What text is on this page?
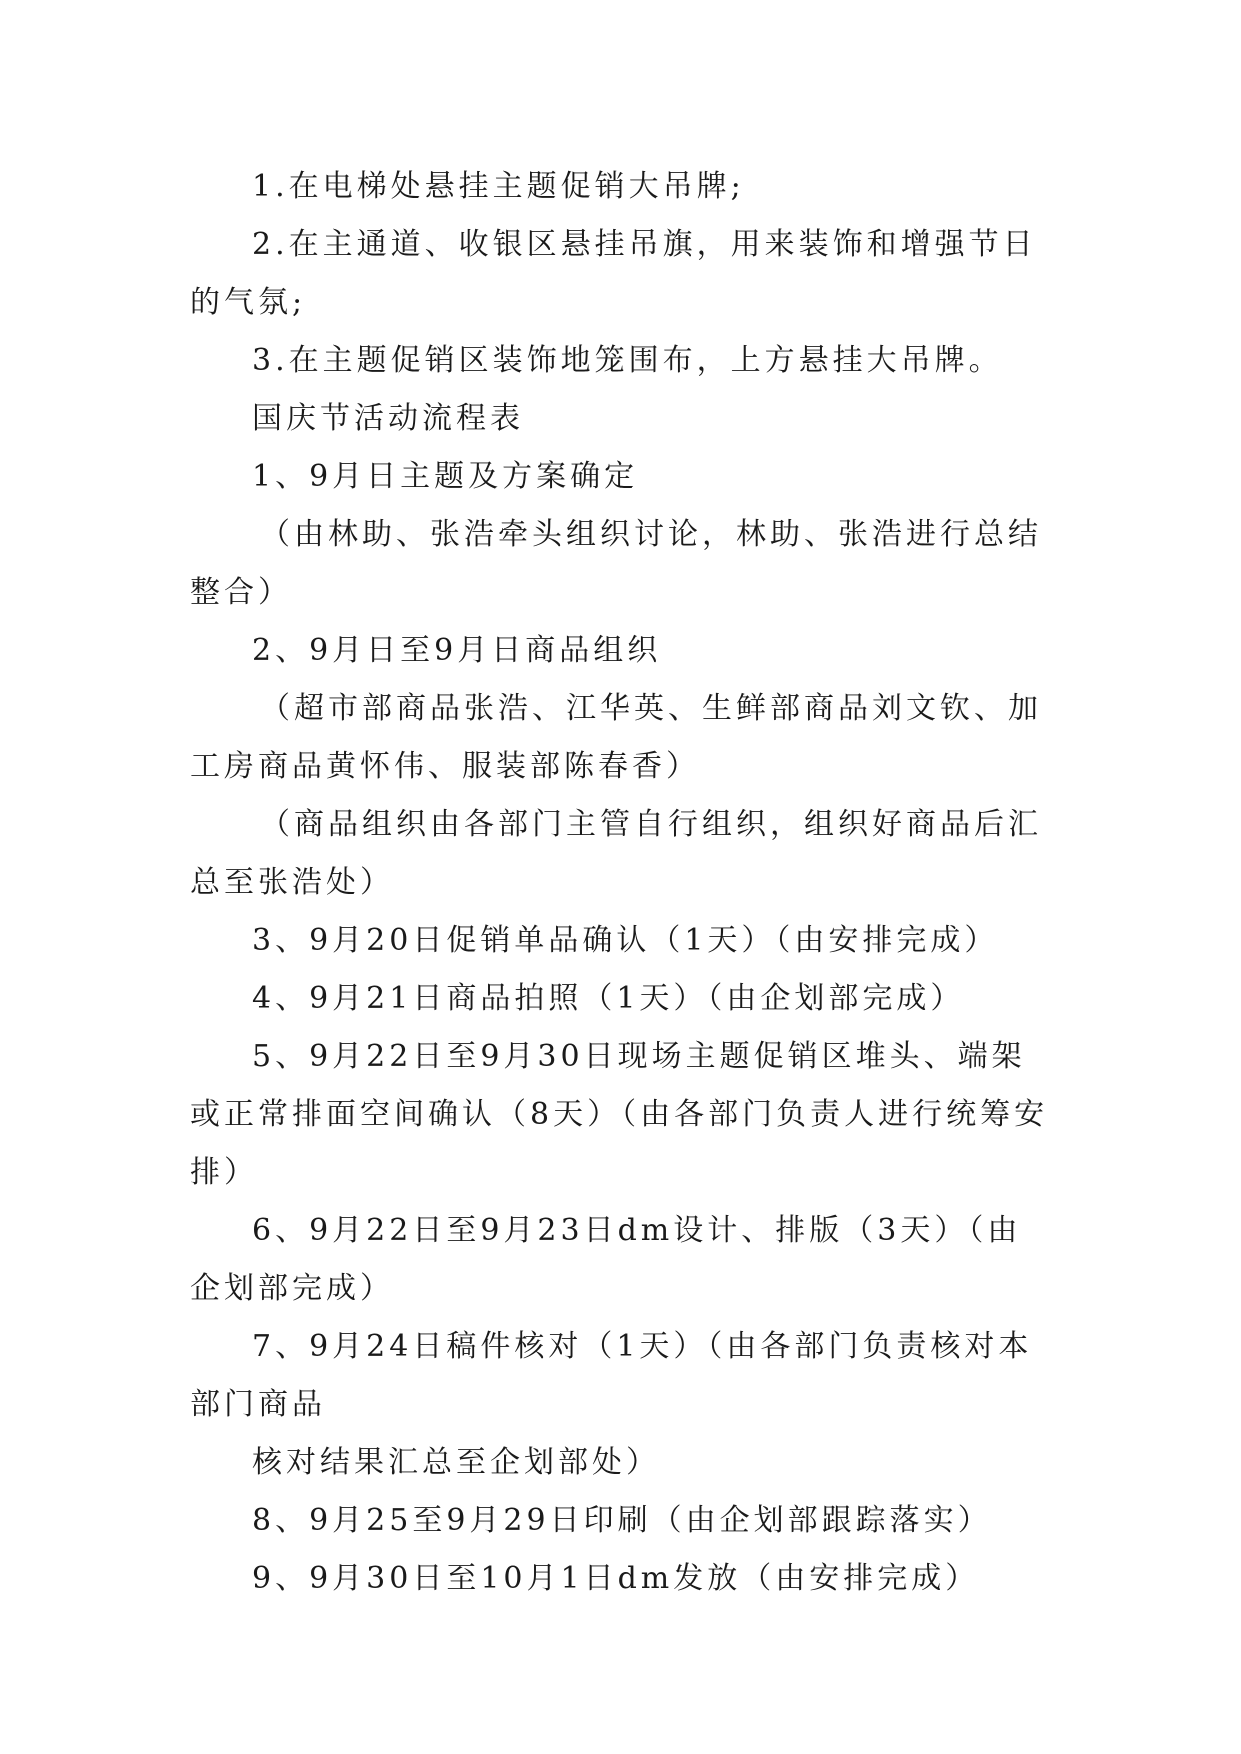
1.在电梯处悬挂主题促销大吊牌;

2.在主通道、收银区悬挂吊旗，用来装饰和增强节日的气氛;

3.在主题促销区装饰地笼围布，上方悬挂大吊牌。

国庆节活动流程表

1、9月日主题及方案确定

（由林助、张浩牵头组织讨论，林助、张浩进行总结整合）

2、9月日至9月日商品组织

（超市部商品张浩、江华英、生鲜部商品刘文钦、加工房商品黄怀伟、服装部陈春香）

（商品组织由各部门主管自行组织，组织好商品后汇总至张浩处）

3、9月20日促销单品确认（1天）（由安排完成）

4、9月21日商品拍照（1天）（由企划部完成）

5、9月22日至9月30日现场主题促销区堆头、端架或正常排面空间确认（8天）（由各部门负责人进行统筹安排）

6、9月22日至9月23日dm设计、排版（3天）（由企划部完成）

7、9月24日稿件核对（1天）（由各部门负责核对本部门商品

核对结果汇总至企划部处）

8、9月25至9月29日印刷（由企划部跟踪落实）

9、9月30日至10月1日dm发放（由安排完成）
